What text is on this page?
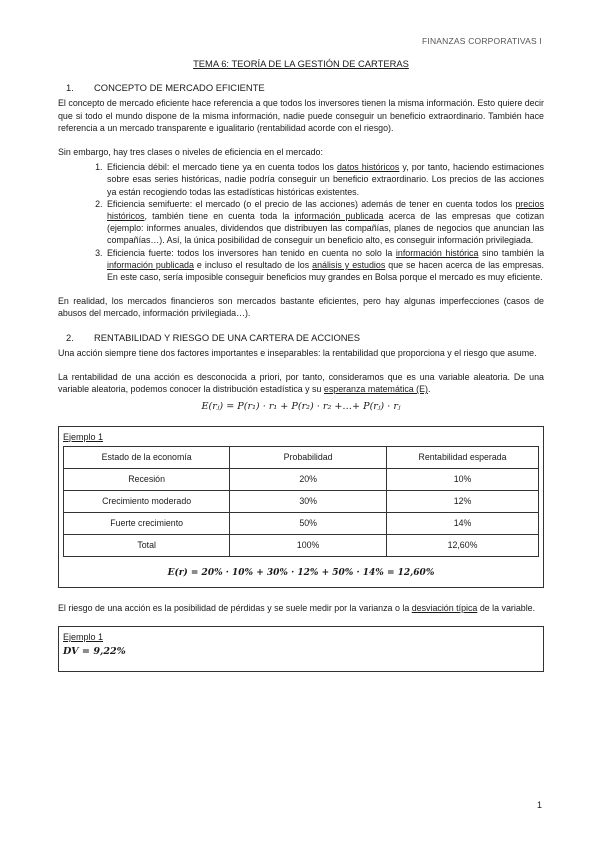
FINANZAS CORPORATIVAS I
TEMA 6: TEORÍA DE LA GESTIÓN DE CARTERAS
1. CONCEPTO DE MERCADO EFICIENTE

El concepto de mercado eficiente hace referencia a que todos los inversores tienen la misma información. Esto quiere decir que si todo el mundo dispone de la misma información, nadie puede conseguir un beneficio extraordinario. También hace referencia a un mercado transparente e igualitario (rentabilidad acorde con el riesgo).

Sin embargo, hay tres clases o niveles de eficiencia en el mercado:

1. Eficiencia débil: el mercado tiene ya en cuenta todos los datos históricos y, por tanto, haciendo estimaciones sobre esas series históricas, nadie podría conseguir un beneficio extraordinario. Los precios de las acciones ya están recogiendo todas las estadísticas históricas existentes.
2. Eficiencia semifuerte: el mercado (o el precio de las acciones) además de tener en cuenta todos los precios históricos, también tiene en cuenta toda la información publicada acerca de las empresas que cotizan (ejemplo: informes anuales, dividendos que distribuyen las compañías, planes de negocios que anuncian las compañías…). Así, la única posibilidad de conseguir un beneficio alto, es conseguir información privilegiada.
3. Eficiencia fuerte: todos los inversores han tenido en cuenta no solo la información histórica sino también la información publicada e incluso el resultado de los análisis y estudios que se hacen acerca de las empresas. En este caso, sería imposible conseguir beneficios muy grandes en Bolsa porque el mercado es muy eficiente.

En realidad, los mercados financieros son mercados bastante eficientes, pero hay algunas imperfecciones (casos de abusos del mercado, información privilegiada…).

2. RENTABILIDAD Y RIESGO DE UNA CARTERA DE ACCIONES

Una acción siempre tiene dos factores importantes e inseparables: la rentabilidad que proporciona y el riesgo que asume.

La rentabilidad de una acción es desconocida a priori, por tanto, consideramos que es una variable aleatoria. De una variable aleatoria, podemos conocer la distribución estadística y su esperanza matemática (E).

E(rⱼ) = P(r₁) · r₁ + P(r₂) · r₂ +…+ P(rⱼ) · rⱼ
Ejemplo 1
Estado de la economía	Probabilidad	Rentabilidad esperada
Recesión	20%	10%
Crecimiento moderado	30%	12%
Fuerte crecimiento	50%	14%
Total	100%	12,60%
E(r) = 20% · 10% + 30% · 12% + 50% · 14% = 12,60%

El riesgo de una acción es la posibilidad de pérdidas y se suele medir por la varianza o la desviación típica de la variable.

Ejemplo 1
DV = 9,22%
1
